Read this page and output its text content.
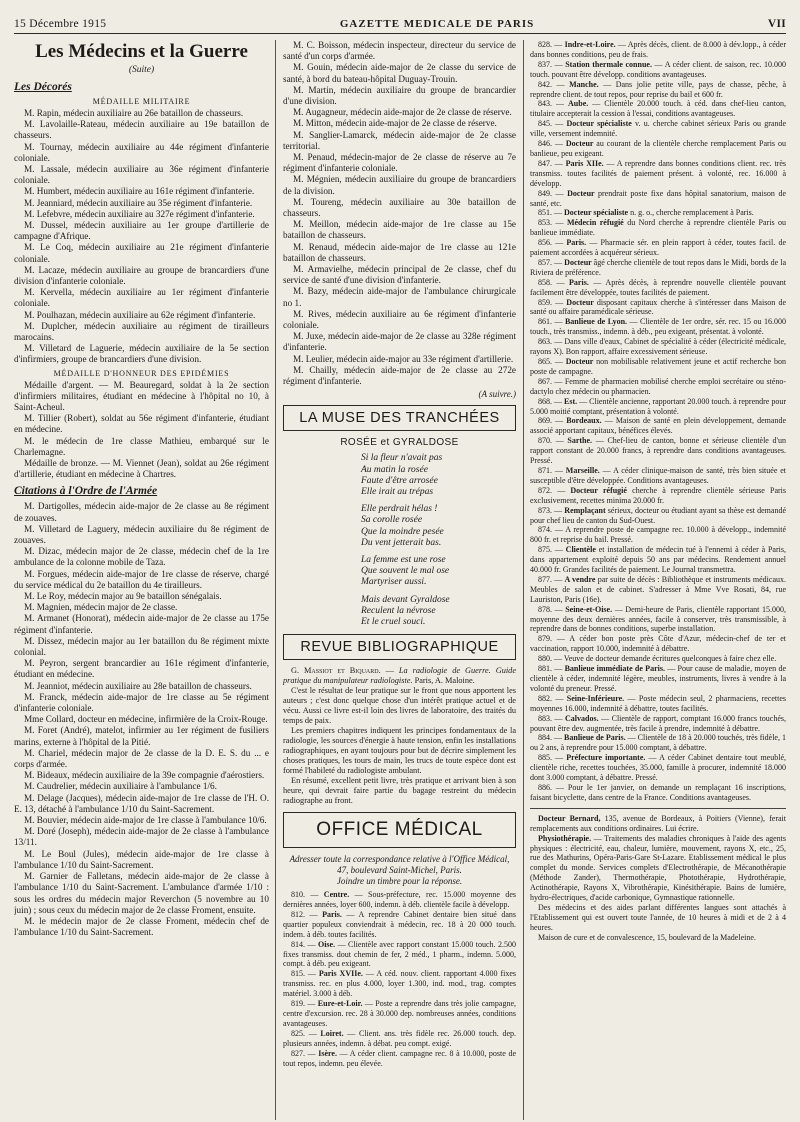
15 Décembre 1915	GAZETTE MEDICALE DE PARIS	VII
Les Médecins et la Guerre
(Suite)
Les Décorés
MÉDAILLE MILITAIRE

M. Rapin, médecin auxiliaire au 26e bataillon de chasseurs.

M. Lavolaille-Rateau, médecin auxiliaire au 19e bataillon de chasseurs.

M. Tournay, médecin auxiliaire au 44e régiment d'infanterie coloniale.

M. Lassale, médecin auxiliaire au 36e régiment d'infanterie coloniale.

M. Humbert, médecin auxiliaire au 161e régiment d'infanterie.

M. Jeanniard, médecin auxiliaire au 35e régiment d'infanterie.

M. Lefebvre, médecin auxiliaire au 327e régiment d'infanterie.

M. Dussel, médecin auxiliaire au 1er groupe d'artillerie de campagne d'Afrique.

M. Le Coq, médecin auxiliaire au 21e régiment d'infanterie coloniale.

M. Lacaze, médecin auxiliaire au groupe de brancardiers d'une division d'infanterie coloniale.

M. Kervella, médecin auxiliaire au 1er régiment d'infanterie coloniale.

M. Poulhazan, médecin auxiliaire au 62e régiment d'infanterie.

M. Duplcher, médecin auxiliaire au régiment de tirailleurs marocains.

M. Villetard de Laguerie, médecin auxiliaire de la 5e section d'infirmiers, groupe de brancardiers d'une division.

MÉDAILLE D'HONNEUR DES EPIDÉMIES

Médaille d'argent. — M. Beauregard, soldat à la 2e section d'infirmiers militaires, étudiant en médecine à l'hôpital no 10, à Saint-Acheul.

M. Tillier (Robert), soldat au 56e régiment d'infanterie, étudiant en médecine.

M. le médecin de 1re classe Mathieu, embarqué sur le Charlemagne.

Médaille de bronze. — M. Viennet (Jean), soldat au 26e régiment d'artillerie, étudiant en médecine à Chartres.

Citations à l'Ordre de l'Armée

M. Dartigolles, médecin aide-major de 2e classe au 8e régiment de zouaves.

M. Villetard de Laguery, médecin auxiliaire du 8e régiment de zouaves.

M. Dizac, médecin major de 2e classe, médecin chef de la 1re ambulance de la colonne mobile de Taza.

M. Forgues, médecin aide-major de 1re classe de réserve, chargé du service médical du 2e bataillon du 4e tirailleurs.

M. Le Roy, médecin major au 9e bataillon sénégalais.

M. Magnien, médecin major de 2e classe.

M. Armanet (Honorat), médecin aide-major de 2e classe au 175e régiment d'infanterie.

M. Dissez, médecin major au 1er bataillon du 8e régiment mixte colonial.

M. Peyron, sergent brancardier au 161e régiment d'infanterie, étudiant en médecine.

M. Jeanniot, médecin auxiliaire au 28e bataillon de chasseurs.

M. Franck, médecin aide-major de 1re classe au 5e régiment d'infanterie coloniale.

Mme Collard, docteur en médecine, infirmière de la Croix-Rouge.

M. Foret (André), matelot, infirmier au 1er régiment de fusiliers marins, externe à l'hôpital de la Pitié.

M. Chariel, médecin major de 2e classe de la D. E. S. du ... e corps d'armée.

M. Bideaux, médecin auxiliaire de la 39e compagnie d'aérostiers.

M. Caudrelier, médecin auxiliaire à l'ambulance 1/6.

M. Delage (Jacques), médecin aide-major de 1re classe de l'H. O. E. 13, détaché à l'ambulance 1/10 du Saint-Sacrement.

M. Bouvier, médecin aide-major de 1re classe à l'ambulance 10/6.

M. Doré (Joseph), médecin aide-major de 2e classe à l'ambulance 13/11.

M. Le Boul (Jules), médecin aide-major de 1re classe à l'ambulance 1/10 du Saint-Sacrement.

M. Garnier de Falletans, médecin aide-major de 2e classe à l'ambulance 1/10 du Saint-Sacrement. L'ambulance d'armée 1/10 : sous les ordres du médecin major Reverchon (5 novembre au 10 juin) ; sous ceux du médecin major de 2e classe Froment, ensuite.

M. le médecin major de 2e classe Froment, médecin chef de l'ambulance 1/10 du Saint-Sacrement.

M. C. Boisson, médecin inspecteur, directeur du service de santé d'un corps d'armée.

M. Gouin, médecin aide-major de 2e classe du service de santé, à bord du bateau-hôpital Duguay-Trouin.

M. Martin, médecin auxiliaire du groupe de brancardier d'une division.

M. Augagneur, médecin aide-major de 2e classe de réserve.

M. Mitton, médecin aide-major de 2e classe de réserve.

M. Sanglier-Lamarck, médecin aide-major de 2e classe territorial.

M. Penaud, médecin-major de 2e classe de réserve au 7e régiment d'infanterie coloniale.

M. Mégnien, médecin auxiliaire du groupe de brancardiers de la division.

M. Toureng, médecin auxiliaire au 30e bataillon de chasseurs.

M. Meillon, médecin aide-major de 1re classe au 15e bataillon de chasseurs.

M. Renaud, médecin aide-major de 1re classe au 121e bataillon de chasseurs.

M. Armavielhe, médecin principal de 2e classe, chef du service de santé d'une division d'infanterie.

M. Bazy, médecin aide-major de l'ambulance chirurgicale no 1.

M. Rives, médecin auxiliaire au 6e régiment d'infanterie coloniale.

M. Juxe, médecin aide-major de 2e classe au 328e régiment d'infanterie.

M. Leulier, médecin aide-major au 33e régiment d'artillerie.

M. Chailly, médecin aide-major de 2e classe au 272e régiment d'infanterie.

(A suivre.)
LA MUSE DES TRANCHÉES
ROSÉE et GYRALDOSE
Si la fleur n'avait pas
Au matin la rosée
Faute d'être arrosée
Elle irait au trépas
Elle perdrait hélas !
Sa corolle rosée
Que la moindre pesée
Du vent jetterait bas.
La femme est une rose
Que souvent le mal ose
Martyriser aussi.
Mais devant Gyraldose
Reculent la névrose
Et le cruel souci.
REVUE BIBLIOGRAPHIQUE

G. Massiot et Biquard. — La radiologie de Guerre. Guide pratique du manipulateur radiologiste. Paris, A. Maloine.

C'est le résultat de leur pratique sur le front que nous apportent les auteurs ; c'est donc quelque chose d'un intérêt pratique actuel et de vécu. Aussi ce livre est-il loin des livres de laboratoire, des traités du temps de paix.

Les premiers chapitres indiquent les principes fondamentaux de la radiologie, les sources d'énergie à haute tension, enfin les installations radiographiques, en ayant toujours pour but de décrire simplement les choses pratiques, les tours de main, les trucs de toute espèce dont est formé l'habileté du radiologiste ambulant.

En résumé, excellent petit livre, très pratique et arrivant bien à son heure, qui devrait faire partie du bagage restreint du médecin radiographe au front.

OFFICE MÉDICAL
Adresser toute la correspondance relative à l'Office Médical, 47, boulevard Saint-Michel, Paris.
Joindre un timbre pour la réponse.

810. — Centre. — Sous-préfecture, rec. 15.000 moyenne des dernières années, loyer 600, indemn. à déb. clientèle facile à développ.

812. — Paris. — A reprendre Cabinet dentaire bien situé dans quartier populeux conviendrait à médecin, rec. 18 à 20 000 touch. indem. à déb. toutes facilités.

814. — Oise. — Clientèle avec rapport constant 15.000 touch. 2.500 fixes transmiss. dout chemin de fer, 2 méd., 1 pharm., indemn. 5.000, compt. à déb. peu exigeant.

815. — Paris XVIIe. — A céd. nouv. client. rapportant 4.000 fixes transmiss. rec. en plus 4.000, loyer 1.300, ind. mod., trag. comptes matériel. 3.000 à déb.

819. — Eure-et-Loir. — Poste a reprendre dans très jolie campagne, centre d'excursion. rec. 28 à 30.000 dep. nombreuses années, conditions avantageuses.

825. — Loiret. — Client. ans. très fidèle rec. 26.000 touch. dep. plusieurs années, indemn. à débat. peu compt. exigé.

827. — Isère. — A céder client. campagne rec. 8 à 10.000, poste de tout repos, indemn. peu élevée.

828. — Indre-et-Loire. — Après décès, client. de 8.000 à dév.lopp., à céder dans bonnes conditions, peu de frais.

837. — Station thermale connue. — A céder client. de saison, rec. 10.000 touch. pouvant être développ. conditions avantageuses.

842. — Manche. — Dans jolie petite ville, pays de chasse, pêche, à reprendre client. de tout repos, pour reprise du bail et 600 fr.

843. — Aube. — Clientèle 20.000 touch. à céd. dans chef-lieu canton, titulaire accepterait la cession à l'essai, conditions avantageuses.

845. — Docteur spécialiste v. u. cherche cabinet sérieux Paris ou grande ville, versement indemnité.

846. — Docteur au courant de la clientèle cherche remplacement Paris ou banlieue, peu exigeant.

847. — Paris XIIe. — A reprendre dans bonnes conditions client. rec. très transmiss. toutes facilités de paiement présent. à volonté, rec. 16.000 à développ.

849. — Docteur prendrait poste fixe dans hôpital sanatorium, maison de santé, etc.

851. — Docteur spécialiste n. g. o., cherche remplacement à Paris.

853. — Médecin réfugié du Nord cherche à reprendre clientèle Paris ou banlieue immédiate.

856. — Paris. — Pharmacie sér. en plein rapport à céder, toutes facil. de paiement accordées à acquéreur sérieux.

857. — Docteur âgé cherche clientèle de tout repos dans le Midi, bords de la Riviera de préférence.

858. — Paris. — Après décès, à reprendre nouvelle clientèle pouvant facilement être développée, toutes facilités de paiement.

859. — Docteur disposant capitaux cherche à s'intéresser dans Maison de santé ou affaire paramédicale sérieuse.

861. — Banlieue de Lyon. — Clientèle de 1er ordre, sér. rec. 15 ou 16.000 touch., très transmiss., indemn. à déb., peu exigeant, présentat. à volonté.

863. — Dans ville d'eaux, Cabinet de spécialité à céder (électricité médicale, rayons X). Bon rapport, affaire excessivement sérieuse.

865. — Docteur non mobilisable relativement jeune et actif recherche bon poste de campagne.

867. — Femme de pharmacien mobilisé cherche emploi secrétaire ou sténo-dactylo chez médecin ou pharmacien.

868. — Est. — Clientèle ancienne, rapportant 20.000 touch. à reprendre pour 5.000 moitié comptant, présentation à volonté.

869. — Bordeaux. — Maison de santé en plein développement, demande associé apportant capitaux, bénéfices élevés.

870. — Sarthe. — Chef-lieu de canton, bonne et sérieuse clientèle d'un rapport constant de 20.000 francs, à reprendre dans conditions avantageuses. Pressé.

871. — Marseille. — A céder clinique-maison de santé, très bien située et susceptible d'être développée. Conditions avantageuses.

872. — Docteur réfugié cherche à reprendre clientèle sérieuse Paris exclusivement, recettes minima 20.000 fr.

873. — Remplaçant sérieux, docteur ou étudiant ayant sa thèse est demandé pour chef lieu de canton du Sud-Ouest.

874. — A reprendre poste de campagne rec. 10.000 à développ., indemnité 800 fr. et reprise du bail. Pressé.

875. — Clientèle et installation de médecin tué à l'ennemi à céder à Paris, dans appartement exploité depuis 50 ans par médecins. Rendement annuel 40.000 fr. Grandes facilités de paiement. Le Journal transmettra.

877. — A vendre par suite de décès : Bibliothèque et instruments médicaux. Meubles de salon et de cabinet. S'adresser à Mme Vve Rosati, 84, rue Lauriston, Paris (16e).

878. — Seine-et-Oise. — Demi-heure de Paris, clientèle rapportant 15.000, moyenne des deux dernières années, facile à conserver, très transmissible, à reprendre dans de bonnes conditions, superbe installation.

879. — A céder bon poste près Côte d'Azur, médecin-chef de ter et vaccination, rapport 10.000, indemnité à débattre.

880. — Veuve de docteur demande écritures quelconques à faire chez elle.

881. — Banlieue immédiate de Paris. — Pour cause de maladie, moyen de clientèle à céder, indemnité légère, meubles, instruments, livres à vendre à la volonté du preneur. Pressé.

882. — Seine-Inférieure. — Poste médecin seul, 2 pharmaciens, recettes moyennes 16.000, indemnité à débattre, toutes facilités.

883. — Calvados. — Clientèle de rapport, comptant 16.000 francs touchés, pouvant être dev. augmentée, très facile à prendre, indemnité à débattre.

884. — Banlieue de Paris. — Clientèle de 18 à 20.000 touchés, très fidèle, 1 ou 2 ans, à reprendre pour 15.000 comptant, à débattre.

885. — Préfecture importante. — A céder Cabinet dentaire tout meublé, clientèle riche, recettes touchées, 35.000, famille à procurer, indemnité 18.000 dont 3.000 comptant, à débattre. Pressé.

886. — Pour le 1er janvier, on demande un remplaçant 16 inscriptions, faisant bicyclette, dans centre de la France. Conditions avantageuses.

Docteur Bernard, 135, avenue de Bordeaux, à Poitiers (Vienne), ferait remplacements aux conditions ordinaires. Lui écrire.

Physiothérapie. — Traitements des maladies chroniques à l'aide des agents physiques : électricité, eau, chaleur, lumière, mouvement, rayons X, etc., 25, rue des Mathurins, Opéra-Paris-Gare St-Lazare. Etablissement médical le plus complet du monde. Services complets d'Electrothérapie, de Mécanothérapie (Méthode Zander), Thermothérapie, Photothérapie, Hydrothérapie, Actinothérapie, Rayons X, Vibrothérapie, Kinésithérapie. Bains de lumière, hydro-électriques, d'acide carbonique, Gymnastique rationnelle.

Des médecins et des aides parlant différentes langues sont attachés à l'Etablissement qui est ouvert toute l'année, de 10 heures à midi et de 2 à 4 heures.

Maison de cure et de convalescence, 15, boulevard de la Madeleine.
